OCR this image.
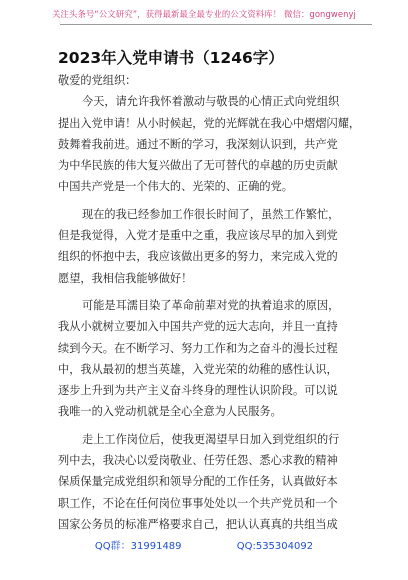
关注头条号“公文研究”，获得最新最全最专业的公文资料库！ 微信：gongwenyj
2023年入党申请书（1246字）
敬爱的党组织：
今天，请允许我怀着激动与敬畏的心情正式向党组织
提出入党申请！从小时候起，党的光辉就在我心中熠熠闪耀，
鼓舞着我前进。通过不断的学习，我深刻认识到，共产党
为中华民族的伟大复兴做出了无可替代的卓越的历史贡献
中国共产党是一个伟大的、光荣的、正确的党。
现在的我已经参加工作很长时间了，虽然工作繁忙，
但是我觉得，入党才是重中之重，我应该尽早的加入到党
组织的怀抱中去，我应该做出更多的努力，来完成入党的
愿望，我相信我能够做好！
可能是耳濡目染了革命前辈对党的执着追求的原因，
我从小就树立要加入中国共产党的远大志向，并且一直持
续到今天。在不断学习、努力工作和为之奋斗的漫长过程
中，我从最初的想当英雄，入党光荣的幼稚的感性认识，
逐步上升到为共产主义奋斗终身的理性认识阶段。可以说
我唯一的入党动机就是全心全意为人民服务。
走上工作岗位后，使我更渴望早日加入到党组织的行
列中去，我决心以爱岗敬业、任劳任怨、悉心求教的精神
保质保量完成党组织和领导分配的工作任务，认真做好本
职工作，不论在任何岗位事事处处以一个共产党员和一个
国家公务员的标准严格要求自己，把认认真真的共组当成
QQ群：31991489	QQ:535304092
